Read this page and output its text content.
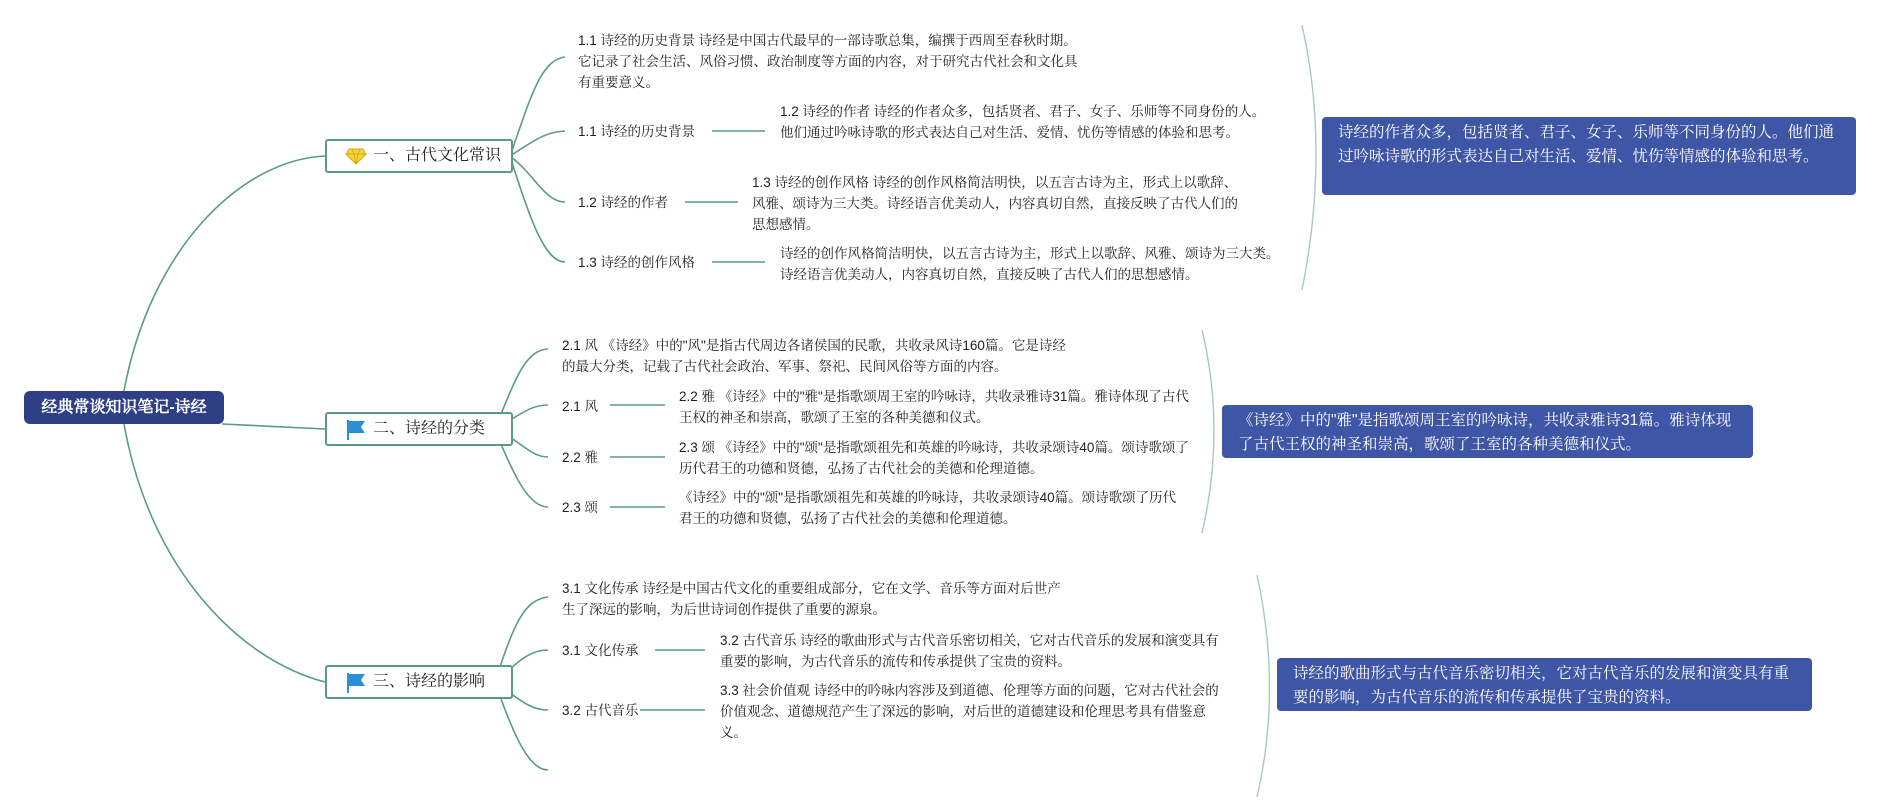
经典常谈知识笔记-诗经
一、古代文化常识
1.1 诗经的历史背景 诗经是中国古代最早的一部诗歌总集，编撰于西周至春秋时期。它记录了社会生活、风俗习惯、政治制度等方面的内容，对于研究古代社会和文化具有重要意义。
1.1 诗经的历史背景
1.2 诗经的作者 诗经的作者众多，包括贤者、君子、女子、乐师等不同身份的人。他们通过吟咏诗歌的形式表达自己对生活、爱情、忧伤等情感的体验和思考。
1.2 诗经的作者
1.3 诗经的创作风格 诗经的创作风格简洁明快，以五言古诗为主，形式上以歌辞、风雅、颂诗为三大类。诗经语言优美动人，内容真切自然，直接反映了古代人们的思想感情。
1.3 诗经的创作风格
诗经的创作风格简洁明快，以五言古诗为主，形式上以歌辞、风雅、颂诗为三大类。诗经语言优美动人，内容真切自然，直接反映了古代人们的思想感情。
诗经的作者众多，包括贤者、君子、女子、乐师等不同身份的人。他们通过吟咏诗歌的形式表达自己对生活、爱情、忧伤等情感的体验和思考。
二、诗经的分类
2.1 风 《诗经》中的"风"是指古代周边各诸侯国的民歌，共收录风诗160篇。它是诗经的最大分类，记载了古代社会政治、军事、祭祀、民间风俗等方面的内容。
2.1 风
2.2 雅 《诗经》中的"雅"是指歌颂周王室的吟咏诗，共收录雅诗31篇。雅诗体现了古代王权的神圣和崇高，歌颂了王室的各种美德和仪式。
2.2 雅
2.3 颂 《诗经》中的"颂"是指歌颂祖先和英雄的吟咏诗，共收录颂诗40篇。颂诗歌颂了历代君王的功德和贤德，弘扬了古代社会的美德和伦理道德。
2.3 颂
《诗经》中的"颂"是指歌颂祖先和英雄的吟咏诗，共收录颂诗40篇。颂诗歌颂了历代君王的功德和贤德，弘扬了古代社会的美德和伦理道德。
《诗经》中的"雅"是指歌颂周王室的吟咏诗，共收录雅诗31篇。雅诗体现了古代王权的神圣和崇高，歌颂了王室的各种美德和仪式。
三、诗经的影响
3.1 文化传承 诗经是中国古代文化的重要组成部分，它在文学、音乐等方面对后世产生了深远的影响，为后世诗词创作提供了重要的源泉。
3.1 文化传承
3.2 古代音乐 诗经的歌曲形式与古代音乐密切相关，它对古代音乐的发展和演变具有重要的影响，为古代音乐的流传和传承提供了宝贵的资料。
3.2 古代音乐
3.3 社会价值观 诗经中的吟咏内容涉及到道德、伦理等方面的问题，它对古代社会的价值观念、道德规范产生了深远的影响，对后世的道德建设和伦理思考具有借鉴意义。
诗经的歌曲形式与古代音乐密切相关，它对古代音乐的发展和演变具有重要的影响，为古代音乐的流传和传承提供了宝贵的资料。
